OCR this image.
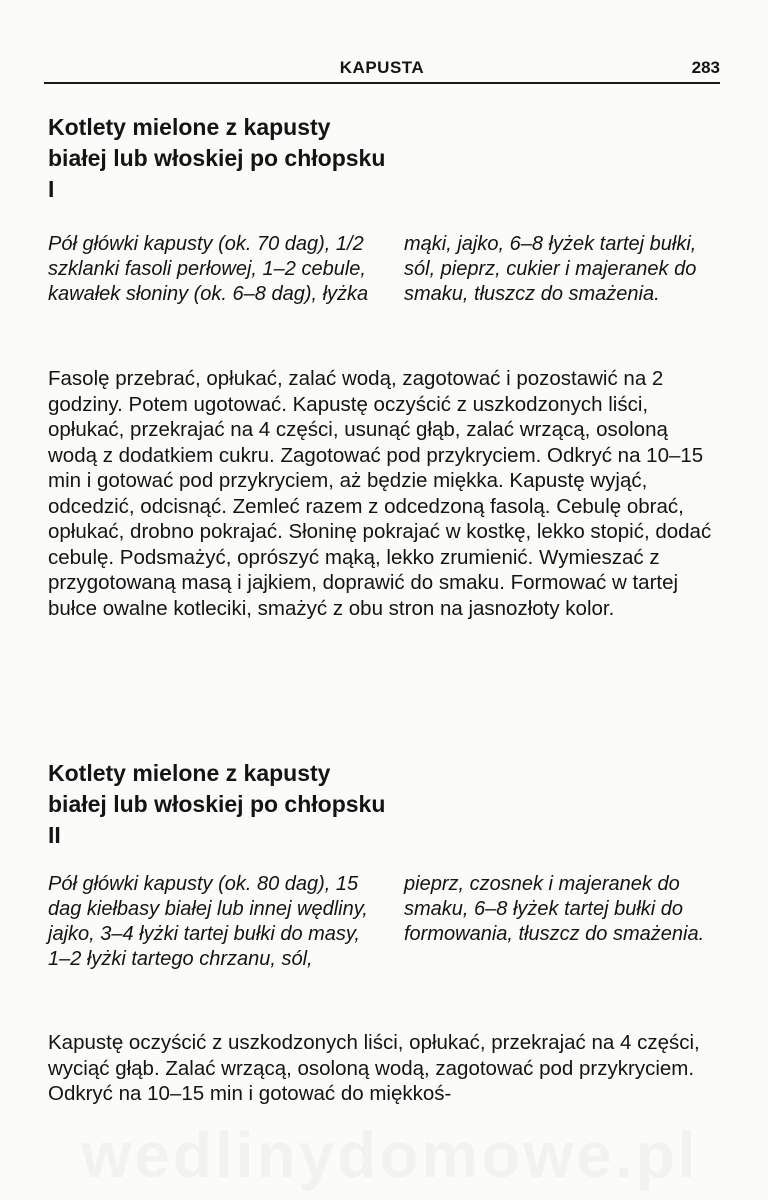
KAPUSTA	283
Kotlety mielone z kapusty białej lub włoskiej po chłopsku I

Pół główki kapusty (ok. 70 dag), 1/2 szklanki fasoli perłowej, 1–2 cebule, kawałek słoniny (ok. 6–8 dag), łyżka mąki, jajko, 6–8 łyżek tartej bułki, sól, pieprz, cukier i majeranek do smaku, tłuszcz do smażenia.

Fasolę przebrać, opłukać, zalać wodą, zagotować i pozostawić na 2 godziny. Potem ugotować. Kapustę oczyścić z uszkodzonych liści, opłukać, przekrajać na 4 części, usunąć głąb, zalać wrzącą, osoloną wodą z dodatkiem cukru. Zagotować pod przykryciem. Odkryć na 10–15 min i gotować pod przykryciem, aż będzie miękka. Kapustę wyjąć, odcedzić, odcisnąć. Zemleć razem z odcedzoną fasolą. Cebulę obrać, opłukać, drobno pokrajać. Słoninę pokrajać w kostkę, lekko stopić, dodać cebulę. Podsmażyć, oprószyć mąką, lekko zrumienić. Wymieszać z przygotowaną masą i jajkiem, doprawić do smaku. Formować w tartej bułce owalne kotleciki, smażyć z obu stron na jasnozłoty kolor.

Kotlety mielone z kapusty białej lub włoskiej po chłopsku II

Pół główki kapusty (ok. 80 dag), 15 dag kiełbasy białej lub innej wędliny, jajko, 3–4 łyżki tartej bułki do masy, 1–2 łyżki tartego chrzanu, sól, pieprz, czosnek i majeranek do smaku, 6–8 łyżek tartej bułki do formowania, tłuszcz do smażenia.

Kapustę oczyścić z uszkodzonych liści, opłukać, przekrajać na 4 części, wyciąć głąb. Zalać wrzącą, osoloną wodą, zagotować pod przykryciem. Odkryć na 10–15 min i gotować do miękkoś-
